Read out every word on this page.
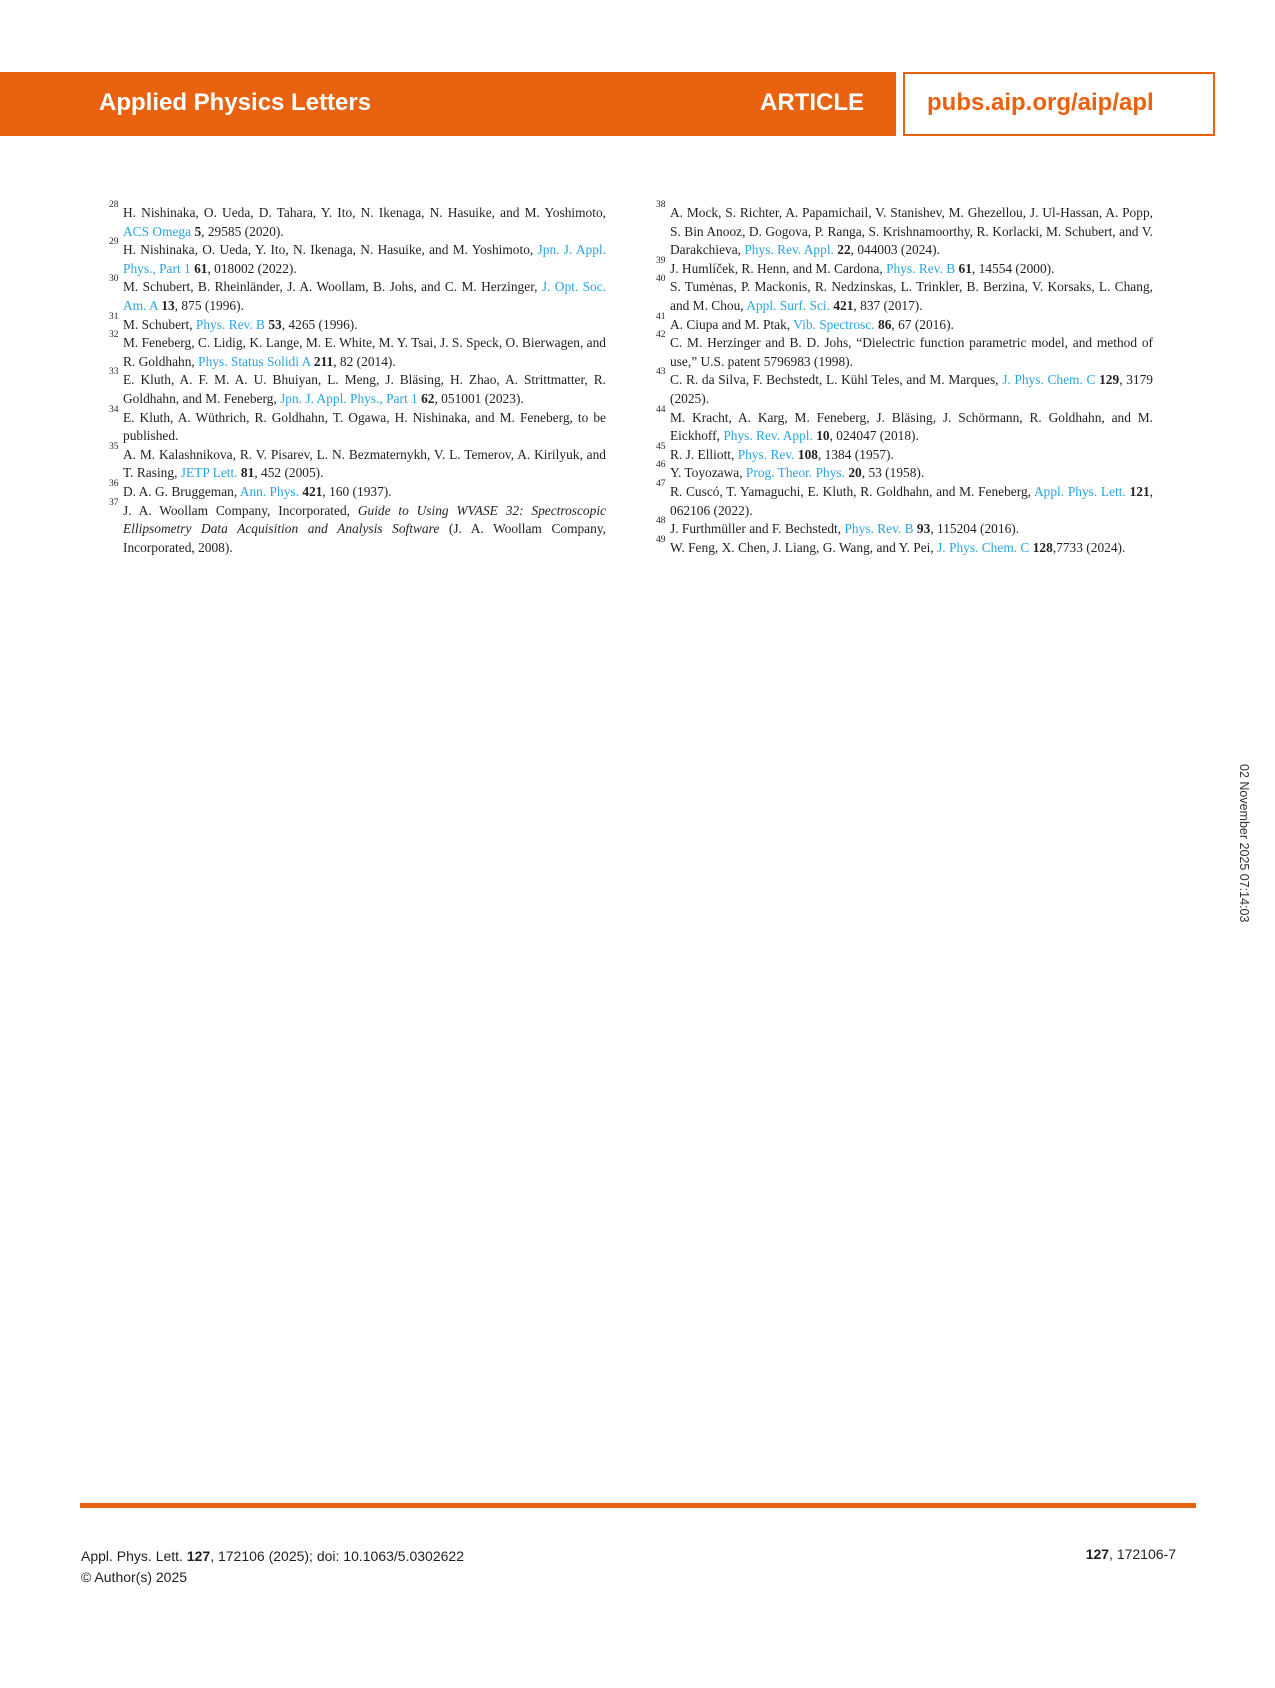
Applied Physics Letters	ARTICLE	pubs.aip.org/aip/apl
28 H. Nishinaka, O. Ueda, D. Tahara, Y. Ito, N. Ikenaga, N. Hasuike, and M. Yoshimoto, ACS Omega 5, 29585 (2020).
29 H. Nishinaka, O. Ueda, Y. Ito, N. Ikenaga, N. Hasuike, and M. Yoshimoto, Jpn. J. Appl. Phys., Part 1 61, 018002 (2022).
30 M. Schubert, B. Rheinländer, J. A. Woollam, B. Johs, and C. M. Herzinger, J. Opt. Soc. Am. A 13, 875 (1996).
31 M. Schubert, Phys. Rev. B 53, 4265 (1996).
32 M. Feneberg, C. Lidig, K. Lange, M. E. White, M. Y. Tsai, J. S. Speck, O. Bierwagen, and R. Goldhahn, Phys. Status Solidi A 211, 82 (2014).
33 E. Kluth, A. F. M. A. U. Bhuiyan, L. Meng, J. Bläsing, H. Zhao, A. Strittmatter, R. Goldhahn, and M. Feneberg, Jpn. J. Appl. Phys., Part 1 62, 051001 (2023).
34 E. Kluth, A. Wüthrich, R. Goldhahn, T. Ogawa, H. Nishinaka, and M. Feneberg, to be published.
35 A. M. Kalashnikova, R. V. Pisarev, L. N. Bezmaternykh, V. L. Temerov, A. Kirilyuk, and T. Rasing, JETP Lett. 81, 452 (2005).
36 D. A. G. Bruggeman, Ann. Phys. 421, 160 (1937).
37 J. A. Woollam Company, Incorporated, Guide to Using WVASE 32: Spectroscopic Ellipsometry Data Acquisition and Analysis Software (J. A. Woollam Company, Incorporated, 2008).
38 A. Mock, S. Richter, A. Papamichail, V. Stanishev, M. Ghezellou, J. Ul-Hassan, A. Popp, S. Bin Anooz, D. Gogova, P. Ranga, S. Krishnamoorthy, R. Korlacki, M. Schubert, and V. Darakchieva, Phys. Rev. Appl. 22, 044003 (2024).
39 J. Humlíček, R. Henn, and M. Cardona, Phys. Rev. B 61, 14554 (2000).
40 S. Tumėnas, P. Mackonis, R. Nedzinskas, L. Trinkler, B. Berzina, V. Korsaks, L. Chang, and M. Chou, Appl. Surf. Sci. 421, 837 (2017).
41 A. Ciupa and M. Ptak, Vib. Spectrosc. 86, 67 (2016).
42 C. M. Herzinger and B. D. Johs, “Dielectric function parametric model, and method of use,” U.S. patent 5796983 (1998).
43 C. R. da Silva, F. Bechstedt, L. Kühl Teles, and M. Marques, J. Phys. Chem. C 129, 3179 (2025).
44 M. Kracht, A. Karg, M. Feneberg, J. Bläsing, J. Schörmann, R. Goldhahn, and M. Eickhoff, Phys. Rev. Appl. 10, 024047 (2018).
45 R. J. Elliott, Phys. Rev. 108, 1384 (1957).
46 Y. Toyozawa, Prog. Theor. Phys. 20, 53 (1958).
47 R. Cuscó, T. Yamaguchi, E. Kluth, R. Goldhahn, and M. Feneberg, Appl. Phys. Lett. 121, 062106 (2022).
48 J. Furthmüller and F. Bechstedt, Phys. Rev. B 93, 115204 (2016).
49 W. Feng, X. Chen, J. Liang, G. Wang, and Y. Pei, J. Phys. Chem. C 128,7733 (2024).
02 November 2025 07:14:03
Appl. Phys. Lett. 127, 172106 (2025); doi: 10.1063/5.0302622
© Author(s) 2025
127, 172106-7
